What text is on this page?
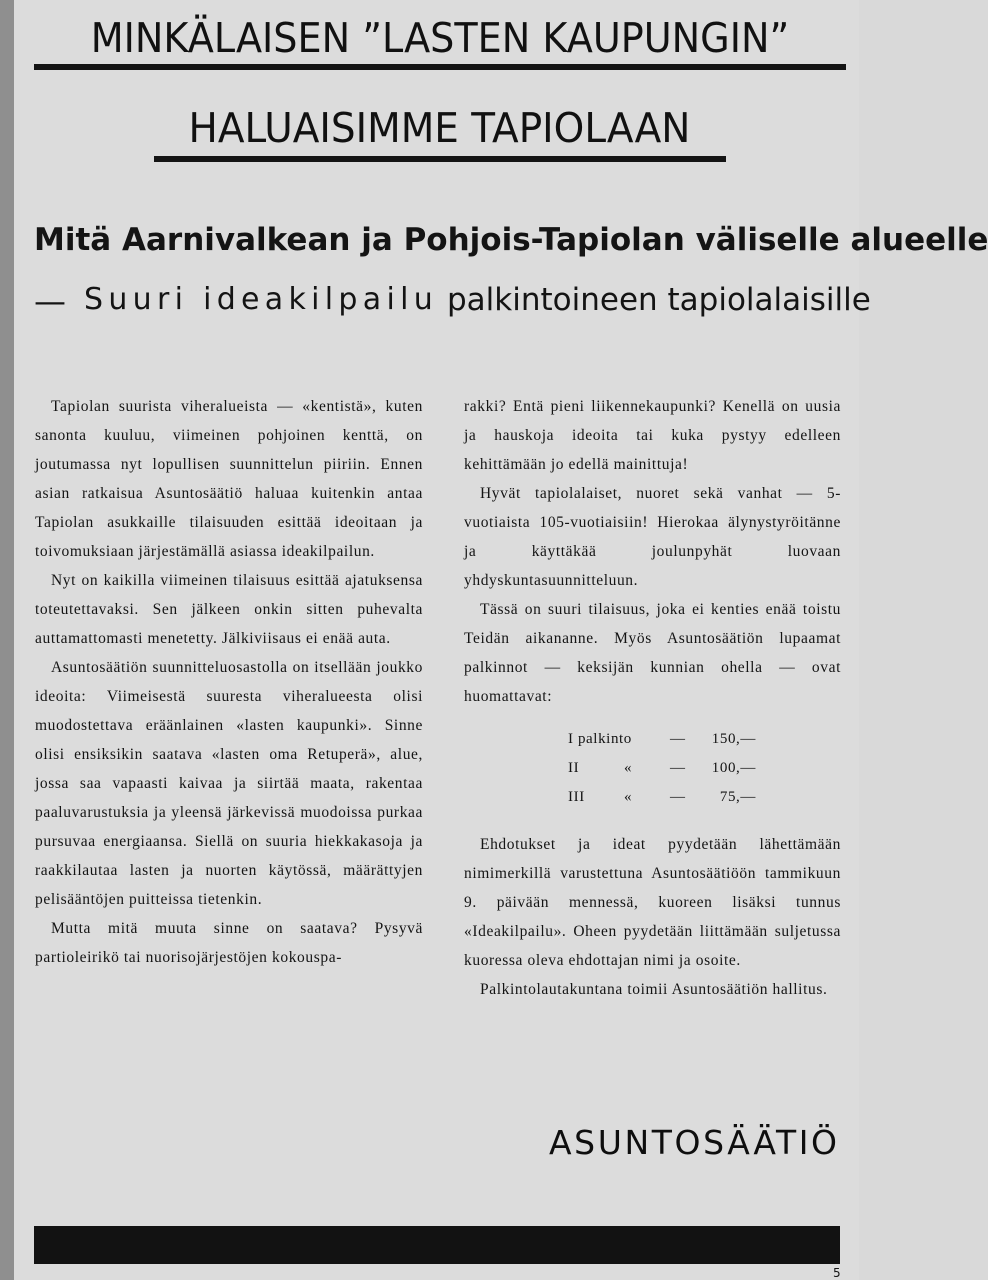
MINKÄLAISEN ”LASTEN KAUPUNGIN”
HALUAISIMME TAPIOLAAN
Mitä Aarnivalkean ja Pohjois-Tapiolan väliselle alueelle
— Suuri ideakilpailu palkintoineen tapiolalaisille

Tapiolan suurista viheralueista — «kentistä», kuten sanonta kuuluu, viimeinen pohjoinen kenttä, on joutumassa nyt lopullisen suunnittelun piiriin. Ennen asian ratkaisua Asuntosäätiö haluaa kuitenkin antaa Tapiolan asukkaille tilaisuuden esittää ideoitaan ja toivomuksiaan järjestämällä asiassa ideakilpailun.

Nyt on kaikilla viimeinen tilaisuus esittää ajatuksensa toteutettavaksi. Sen jälkeen onkin sitten puhevalta auttamattomasti menetetty. Jälkiviisaus ei enää auta.

Asuntosäätiön suunnitteluosastolla on itsellään joukko ideoita: Viimeisestä suuresta viheralueesta olisi muodostettava eräänlainen «lasten kaupunki». Sinne olisi ensiksikin saatava «lasten oma Retuperä», alue, jossa saa vapaasti kaivaa ja siirtää maata, rakentaa paaluvarustuksia ja yleensä järkevissä muodoissa purkaa pursuvaa energiaansa. Siellä on suuria hiekkakasoja ja raakkilautaa lasten ja nuorten käytössä, määrättyjen pelisääntöjen puitteissa tietenkin.

Mutta mitä muuta sinne on saatava? Pysyvä partioleirikö tai nuorisojärjestöjen kokouspa-

rakki? Entä pieni liikennekaupunki? Kenellä on uusia ja hauskoja ideoita tai kuka pystyy edelleen kehittämään jo edellä mainittuja!

Hyvät tapiolalaiset, nuoret sekä vanhat — 5-vuotiaista 105-vuotiaisiin! Hierokaa älynystyröitänne ja käyttäkää joulunpyhät luovaan yhdyskuntasuunnitteluun.

Tässä on suuri tilaisuus, joka ei kenties enää toistu Teidän aikananne. Myös Asuntosäätiön lupaamat palkinnot — keksijän kunnian ohella — ovat huomattavat:

I palkinto	—	150,—
II	«	—	100,—
III	«	—	75,—

Ehdotukset ja ideat pyydetään lähettämään nimimerkillä varustettuna Asuntosäätiöön tammikuun 9. päivään mennessä, kuoreen lisäksi tunnus «Ideakilpailu». Oheen pyydetään liittämään suljetussa kuoressa oleva ehdottajan nimi ja osoite.

Palkintolautakuntana toimii Asuntosäätiön hallitus.

ASUNTOSÄÄTIÖ
5
